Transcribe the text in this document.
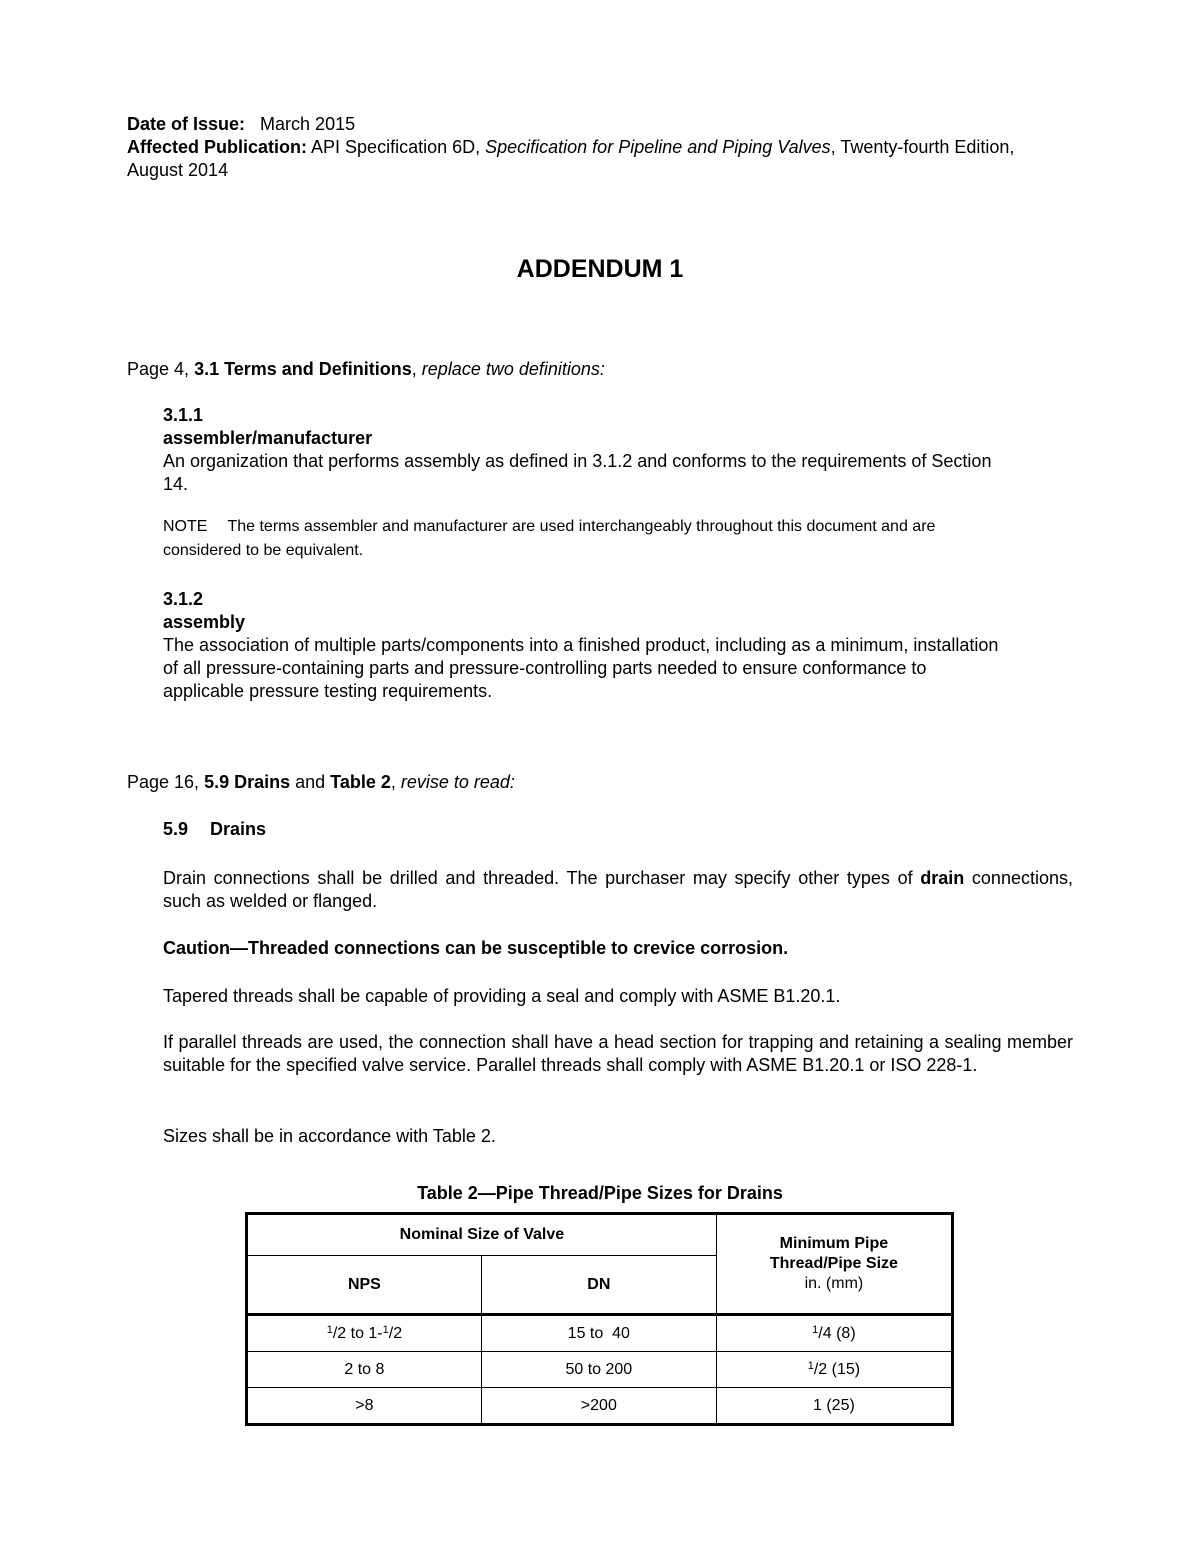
Date of Issue: March 2015
Affected Publication: API Specification 6D, Specification for Pipeline and Piping Valves, Twenty-fourth Edition,
August 2014
ADDENDUM 1
Page 4, 3.1 Terms and Definitions, replace two definitions:
3.1.1
assembler/manufacturer
An organization that performs assembly as defined in 3.1.2 and conforms to the requirements of Section
14.
NOTE The terms assembler and manufacturer are used interchangeably throughout this document and are
considered to be equivalent.
3.1.2
assembly
The association of multiple parts/components into a finished product, including as a minimum, installation
of all pressure-containing parts and pressure-controlling parts needed to ensure conformance to
applicable pressure testing requirements.
Page 16, 5.9 Drains and Table 2, revise to read:
5.9 Drains
Drain connections shall be drilled and threaded. The purchaser may specify other types of drain connections, such as welded or flanged.
Caution—Threaded connections can be susceptible to crevice corrosion.
Tapered threads shall be capable of providing a seal and comply with ASME B1.20.1.
If parallel threads are used, the connection shall have a head section for trapping and retaining a sealing member suitable for the specified valve service. Parallel threads shall comply with ASME B1.20.1 or ISO 228-1.
Sizes shall be in accordance with Table 2.
Table 2—Pipe Thread/Pipe Sizes for Drains
Nominal Size of Valve		Minimum Pipe
Thread/Pipe Size
in. (mm)

NPS	DN	
$^1$/2 to 1-$^1$/2	15 to  40	$^1$/4 (8)
2 to 8	50 to 200	$^1$/2 (15)
>8	>200	1 (25)
